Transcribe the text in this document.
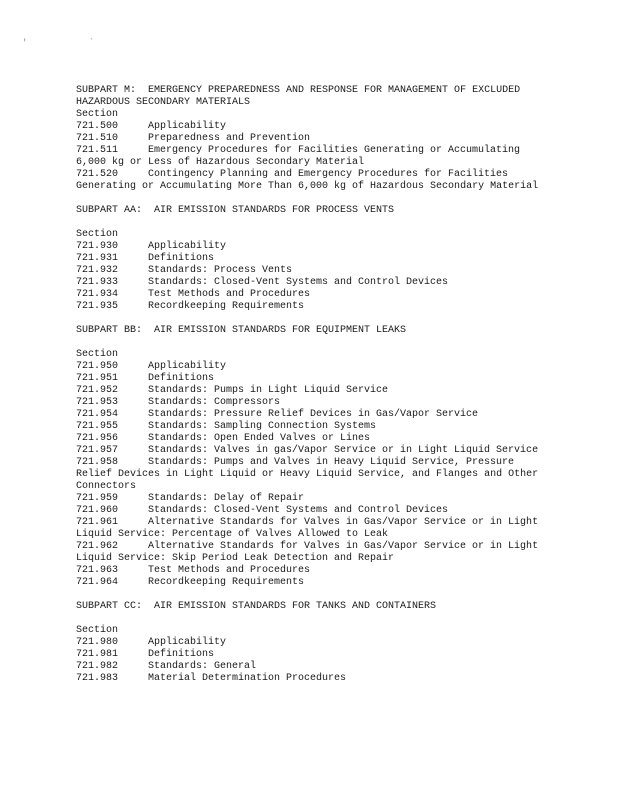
' `

SUBPART M:  EMERGENCY PREPAREDNESS AND RESPONSE FOR MANAGEMENT OF EXCLUDED HAZARDOUS SECONDARY MATERIALS

Section

721.500	Applicability

721.510	Preparedness and Prevention

721.511	Emergency Procedures for Facilities Generating or Accumulating 6,000 kg or Less of Hazardous Secondary Material

721.520	Contingency Planning and Emergency Procedures for Facilities Generating or Accumulating More Than 6,000 kg of Hazardous Secondary Material

SUBPART AA:  AIR EMISSION STANDARDS FOR PROCESS VENTS

Section

721.930	Applicability

721.931	Definitions

721.932	Standards: Process Vents

721.933	Standards: Closed-Vent Systems and Control Devices

721.934	Test Methods and Procedures

721.935	Recordkeeping Requirements

SUBPART BB:  AIR EMISSION STANDARDS FOR EQUIPMENT LEAKS

Section

721.950	Applicability

721.951	Definitions

721.952	Standards: Pumps in Light Liquid Service

721.953	Standards: Compressors

721.954	Standards: Pressure Relief Devices in Gas/Vapor Service

721.955	Standards: Sampling Connection Systems

721.956	Standards: Open Ended Valves or Lines

721.957	Standards: Valves in gas/Vapor Service or in Light Liquid Service

721.958	Standards: Pumps and Valves in Heavy Liquid Service, Pressure Relief Devices in Light Liquid or Heavy Liquid Service, and Flanges and Other Connectors

721.959	Standards: Delay of Repair

721.960	Standards: Closed-Vent Systems and Control Devices

721.961	Alternative Standards for Valves in Gas/Vapor Service or in Light Liquid Service: Percentage of Valves Allowed to Leak

721.962	Alternative Standards for Valves in Gas/Vapor Service or in Light Liquid Service: Skip Period Leak Detection and Repair

721.963	Test Methods and Procedures

721.964	Recordkeeping Requirements

SUBPART CC:  AIR EMISSION STANDARDS FOR TANKS AND CONTAINERS

Section

721.980	Applicability

721.981	Definitions

721.982	Standards: General

721.983	Material Determination Procedures
